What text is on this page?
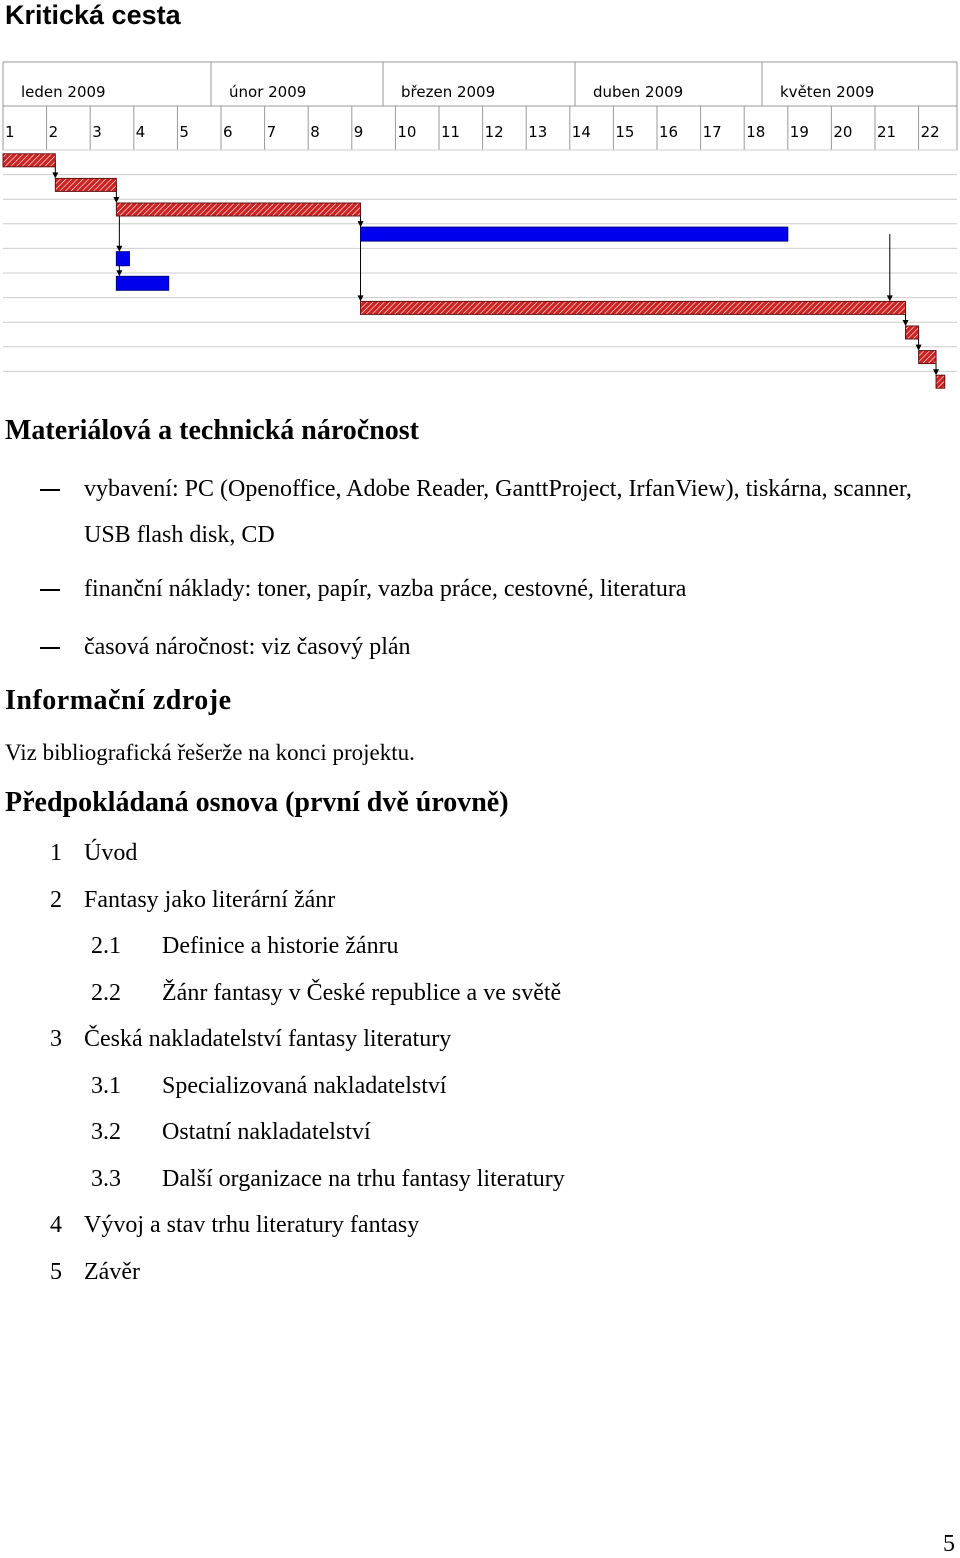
Kritická cesta
leden 2009	únor 2009	březen 2009	duben 2009	květen 2009
1 2 3 4 5 6 7 8 9 10 11 12 13 14 15 16 17 18 19 20 21 22
Materiálová a technická náročnost
vybavení: PC (Openoffice, Adobe Reader, GanttProject, IrfanView), tiskárna, scanner, USB flash disk, CD
finanční náklady: toner, papír, vazba práce, cestovné, literatura
časová náročnost: viz časový plán
Informační zdroje
Viz bibliografická řešerže na konci projektu.
Předpokládaná osnova (první dvě úrovně)
1 Úvod
2 Fantasy jako literární žánr
2.1 Definice a historie žánru
2.2 Žánr fantasy v České republice a ve světě
3 Česká nakladatelství fantasy literatury
3.1 Specializovaná nakladatelství
3.2 Ostatní nakladatelství
3.3 Další organizace na trhu fantasy literatury
4 Vývoj a stav trhu literatury fantasy
5 Závěr
5
